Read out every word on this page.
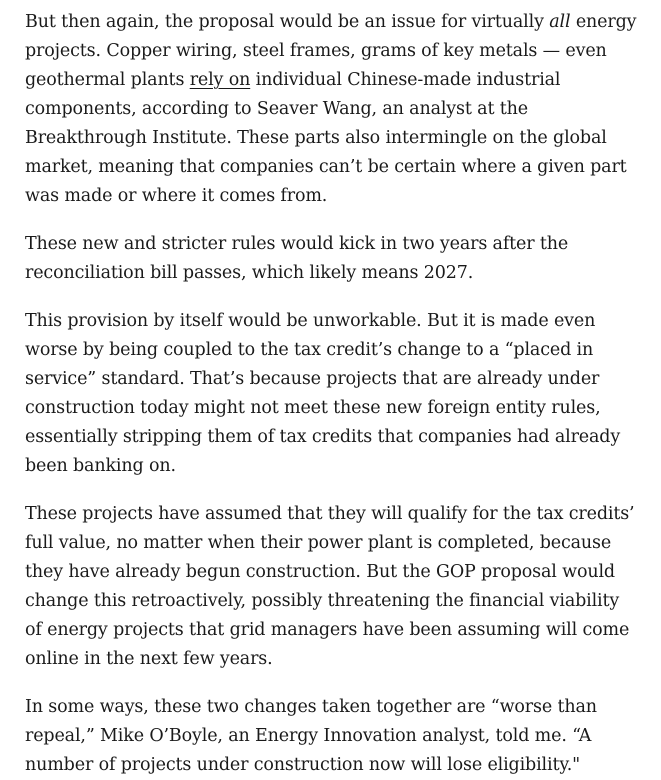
But then again, the proposal would be an issue for virtually all energy projects. Copper wiring, steel frames, grams of key metals — even geothermal plants rely on individual Chinese-made industrial components, according to Seaver Wang, an analyst at the Breakthrough Institute. These parts also intermingle on the global market, meaning that companies can’t be certain where a given part was made or where it comes from.

These new and stricter rules would kick in two years after the reconciliation bill passes, which likely means 2027.

This provision by itself would be unworkable. But it is made even worse by being coupled to the tax credit’s change to a “placed in service” standard. That’s because projects that are already under construction today might not meet these new foreign entity rules, essentially stripping them of tax credits that companies had already been banking on.

These projects have assumed that they will qualify for the tax credits’ full value, no matter when their power plant is completed, because they have already begun construction. But the GOP proposal would change this retroactively, possibly threatening the financial viability of energy projects that grid managers have been assuming will come online in the next few years.

In some ways, these two changes taken together are “worse than repeal,” Mike O’Boyle, an Energy Innovation analyst, told me. “A number of projects under construction now will lose eligibility."
